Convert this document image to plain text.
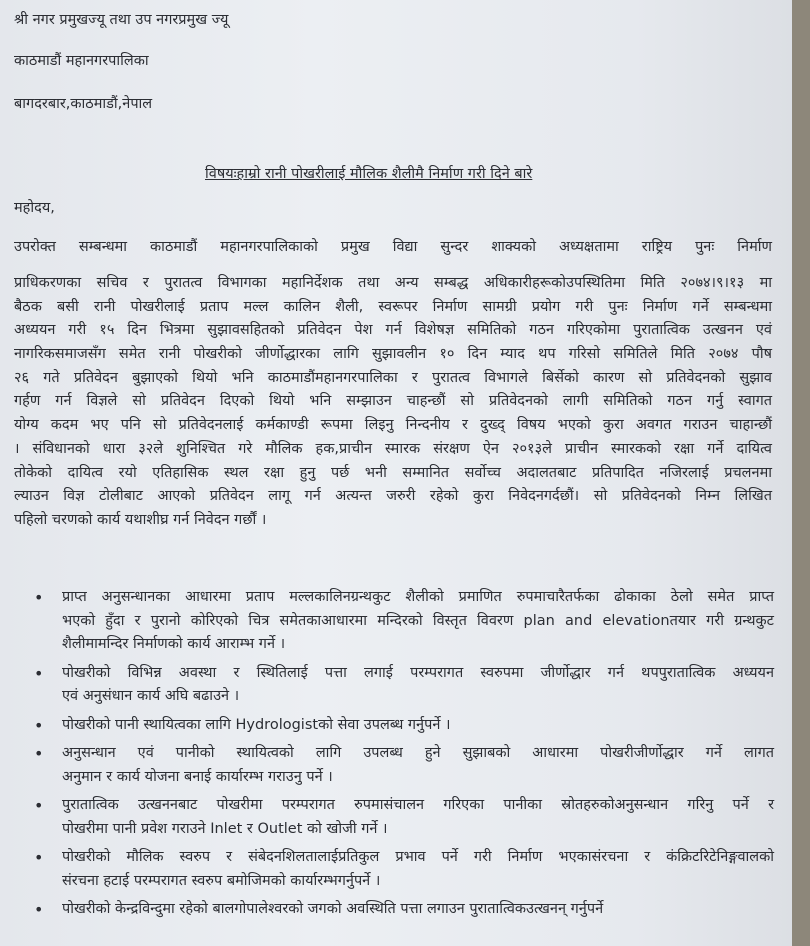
श्री नगर प्रमुखज्यू तथा उप नगरप्रमुख ज्यू
काठमाडौं महानगरपालिका
बागदरबार,काठमाडौं,नेपाल
विषयःहाम्रो रानी पोखरीलाई मौलिक शैलीमै निर्माण गरी दिने बारे
महोदय,
उपरोक्त सम्बन्धमा काठमाडौं महानगरपालिकाको प्रमुख विद्या सुन्दर शाक्यको अध्यक्षतामा राष्ट्रिय पुनः निर्माण
प्राधिकरणका सचिव र पुरातत्व विभागका महानिर्देशक तथा अन्य सम्बद्ध अधिकारीहरूकोउपस्थितिमा मिति २०७४।९।१३ मा
बैठक बसी रानी पोखरीलाई प्रताप मल्ल कालिन शैली, स्वरूपर निर्माण सामग्री प्रयोग गरी पुनः निर्माण गर्ने सम्बन्धमा
अध्ययन गरी १५ दिन भित्रमा सुझावसहितको प्रतिवेदन पेश गर्न विशेषज्ञ समितिको गठन गरिएकोमा पुरातात्विक उत्खनन एवं
नागरिकसमाजसँग समेत रानी पोखरीको जीर्णोद्धारका लागि सुझावलीन १० दिन म्याद थप गरिसो समितिले मिति २०७४ पौष
२६ गते प्रतिवेदन बुझाएको थियो भनि काठमाडौंमहानगरपालिका र पुरातत्व विभागले बिर्सेको कारण सो प्रतिवेदनको सुझाव
गर्हण गर्न विज्ञले सो प्रतिवेदन दिएको थियो भनि सम्झाउन चाहन्छौं सो प्रतिवेदनको लागी समितिको गठन गर्नु स्वागत
योग्य कदम भए पनि सो प्रतिवेदनलाई कर्मकाण्डी रूपमा लिइनु निन्दनीय र दुख्द् विषय भएको कुरा अवगत गराउन चाहान्छौं
। संविधानको धारा ३२ले शुनिश्चित गरे मौलिक हक,प्राचीन स्मारक संरक्षण ऐन २०१३ले प्राचीन स्मारकको रक्षा गर्ने दायित्व
तोकेको दायित्व रयो एतिहासिक स्थल रक्षा हुनु पर्छ भनी सम्मानित सर्वोच्च अदालतबाट प्रतिपादित नजिरलाई प्रचलनमा
ल्याउन विज्ञ टोलीबाट आएको प्रतिवेदन लागू गर्न अत्यन्त जरुरी रहेको कुरा निवेदनगर्दछौं। सो प्रतिवेदनको निम्न लिखित
पहिलो चरणको कार्य यथाशीघ्र गर्न निवेदन गर्छौं ।
• प्राप्त अनुसन्धानका आधारमा प्रताप मल्लकालिनग्रन्थकुट शैलीको प्रमाणित रुपमाचारैतर्फका ढोकाका ठेलो समेत प्राप्त
भएको हुँदा र पुरानो कोरिएको चित्र समेतकाआधारमा मन्दिरको विस्तृत विवरण plan and elevationतयार गरी ग्रन्थकुट
शैलीमामन्दिर निर्माणको कार्य आराम्भ गर्ने ।
• पोखरीको विभिन्न अवस्था र स्थितिलाई पत्ता लगाई परम्परागत स्वरुपमा जीर्णोद्धार गर्न थपपुरातात्विक अध्ययन
एवं अनुसंधान कार्य अघि बढाउने ।
• पोखरीको पानी स्थायित्वका लागि Hydrologistको सेवा उपलब्ध गर्नुपर्ने ।
• अनुसन्धान एवं पानीको स्थायित्वको लागि उपलब्ध हुने सुझाबको आधारमा पोखरीजीर्णोद्धार गर्ने लागत
अनुमान र कार्य योजना बनाई कार्यारम्भ गराउनु पर्ने ।
• पुरातात्विक उत्खननबाट पोखरीमा परम्परागत रुपमासंचालन गरिएका पानीका स्रोतहरुकोअनुसन्धान गरिनु पर्ने र
पोखरीमा पानी प्रवेश गराउने Inlet र Outlet को खोजी गर्ने ।
• पोखरीको मौलिक स्वरुप र संबेदनशिलतालाईप्रतिकुल प्रभाव पर्ने गरी निर्माण भएकासंरचना र कंक्रिटरिटेनिङ्गवालको
संरचना हटाई परम्परागत स्वरुप बमोजिमको कार्यारम्भगर्नुपर्ने ।
• पोखरीको केन्द्रविन्दुमा रहेको बालगोपालेश्वरको जगको अवस्थिति पत्ता लगाउन पुरातात्विकउत्खनन् गर्नुपर्ने
